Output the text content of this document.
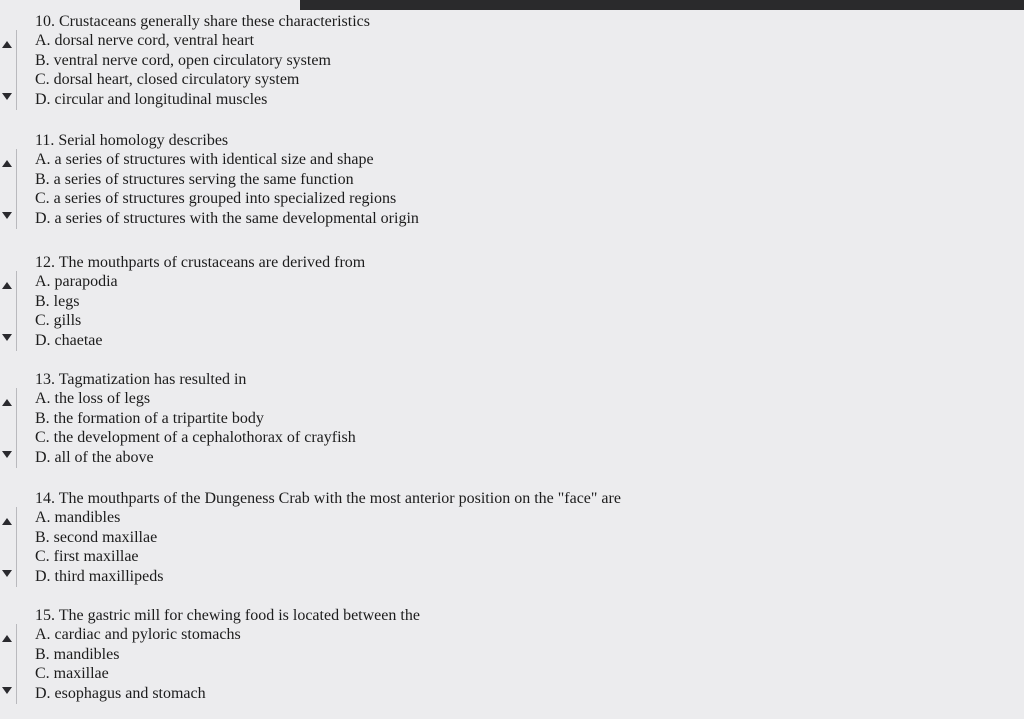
10. Crustaceans generally share these characteristics
A. dorsal nerve cord, ventral heart
B. ventral nerve cord, open circulatory system
C. dorsal heart, closed circulatory system
D. circular and longitudinal muscles
11. Serial homology describes
A. a series of structures with identical size and shape
B. a series of structures serving the same function
C. a series of structures grouped into specialized regions
D. a series of structures with the same developmental origin
12. The mouthparts of crustaceans are derived from
A. parapodia
B. legs
C. gills
D. chaetae
13. Tagmatization has resulted in
A. the loss of legs
B. the formation of a tripartite body
C. the development of a cephalothorax of crayfish
D. all of the above
14. The mouthparts of the Dungeness Crab with the most anterior position on the "face" are
A. mandibles
B. second maxillae
C. first maxillae
D. third maxillipeds
15. The gastric mill for chewing food is located between the
A. cardiac and pyloric stomachs
B. mandibles
C. maxillae
D. esophagus and stomach
